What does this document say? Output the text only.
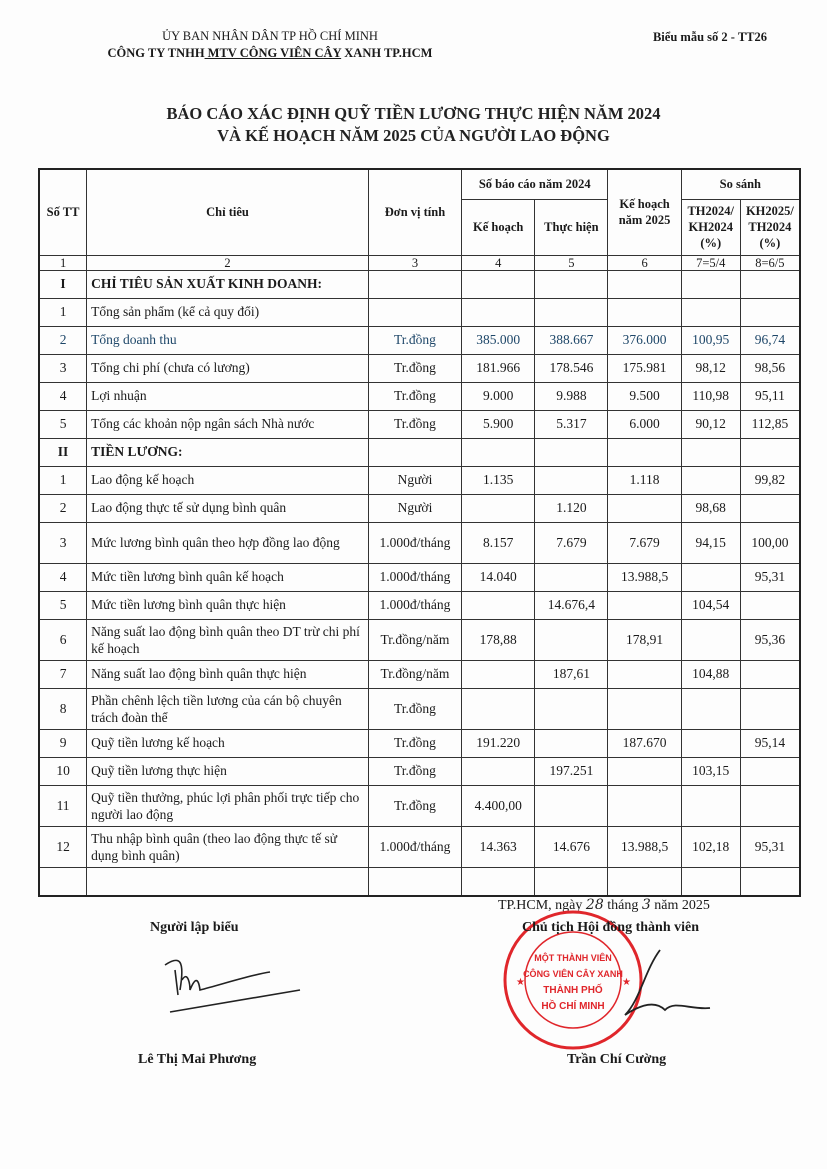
ỦY BAN NHÂN DÂN TP HỒ CHÍ MINH
CÔNG TY TNHH MTV CÔNG VIÊN CÂY XANH TP.HCM
Biểu mẫu số 2 - TT26
BÁO CÁO XÁC ĐỊNH QUỸ TIỀN LƯƠNG THỰC HIỆN NĂM 2024
VÀ KẾ HOẠCH NĂM 2025 CỦA NGƯỜI LAO ĐỘNG
Số TT	Chỉ tiêu	Đơn vị tính	Số báo cáo năm 2024		Kế hoạch năm 2025	So sánh	
			Kế hoạch	Thực hiện		TH2024/ KH2024 (%)	KH2025/ TH2024 (%)
1	2	3	4	5	6	7=5/4	8=6/5
I	CHỈ TIÊU SẢN XUẤT KINH DOANH:						
1	Tổng sản phẩm (kể cả quy đổi)						
2	Tổng doanh thu	Tr.đồng	385.000	388.667	376.000	100,95	96,74
3	Tổng chi phí (chưa có lương)	Tr.đồng	181.966	178.546	175.981	98,12	98,56
4	Lợi nhuận	Tr.đồng	9.000	9.988	9.500	110,98	95,11
5	Tổng các khoản nộp ngân sách Nhà nước	Tr.đồng	5.900	5.317	6.000	90,12	112,85
II	TIỀN LƯƠNG:						
1	Lao động kế hoạch	Người	1.135		1.118		99,82
2	Lao động thực tế sử dụng bình quân	Người		1.120		98,68	
3	Mức lương bình quân theo hợp đồng lao động	1.000đ/tháng	8.157	7.679	7.679	94,15	100,00
4	Mức tiền lương bình quân kế hoạch	1.000đ/tháng	14.040		13.988,5		95,31
5	Mức tiền lương bình quân thực hiện	1.000đ/tháng		14.676,4		104,54	
6	Năng suất lao động bình quân theo DT trừ chi phí kế hoạch	Tr.đồng/năm	178,88		178,91		95,36
7	Năng suất lao động bình quân thực hiện	Tr.đồng/năm		187,61		104,88	
8	Phần chênh lệch tiền lương của cán bộ chuyên trách đoàn thể	Tr.đồng					
9	Quỹ tiền lương kế hoạch	Tr.đồng	191.220		187.670		95,14
10	Quỹ tiền lương thực hiện	Tr.đồng		197.251		103,15	
11	Quỹ tiền thưởng, phúc lợi phân phối trực tiếp cho người lao động	Tr.đồng	4.400,00				
12	Thu nhập bình quân (theo lao động thực tế sử dụng bình quân)	1.000đ/tháng	14.363	14.676	13.988,5	102,18	95,31

TP.HCM, ngày 28 tháng 3 năm 2025
Người lập biểu
MỘT THÀNH VIÊN
CÔNG VIÊN CÂY XANH
THÀNH PHỐ
HỒ CHÍ MINH
★	★
Chủ tịch Hội đồng thành viên
Lê Thị Mai Phương	Trần Chí Cường
